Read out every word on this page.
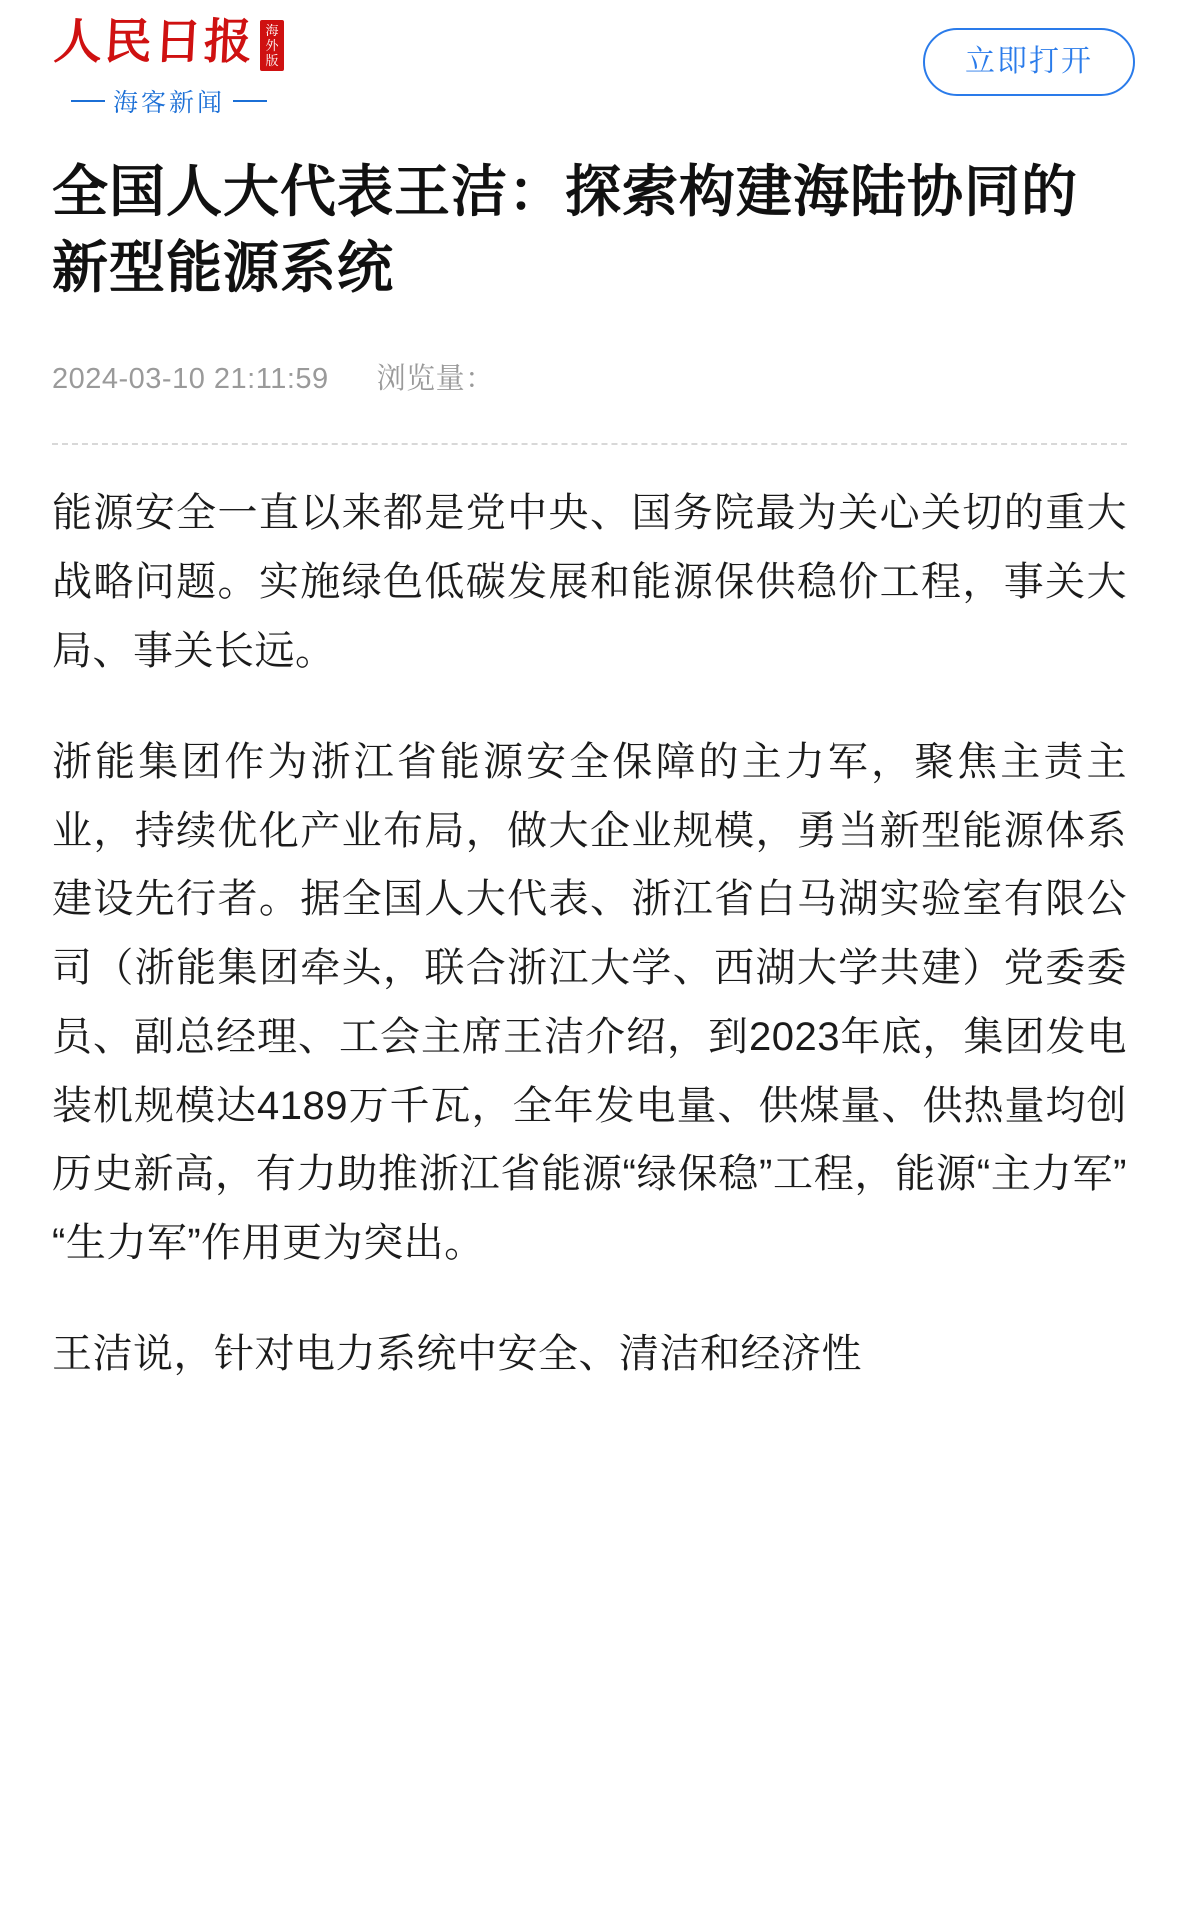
人民日报 海外版
海客新闻
立即打开
全国人大代表王洁：探索构建海陆协同的新型能源系统
2024-03-10 21:11:59 浏览量：

能源安全一直以来都是党中央、国务院最为关心关切的重大战略问题。实施绿色低碳发展和能源保供稳价工程，事关大局、事关长远。

浙能集团作为浙江省能源安全保障的主力军，聚焦主责主业，持续优化产业布局，做大企业规模，勇当新型能源体系建设先行者。据全国人大代表、浙江省白马湖实验室有限公司（浙能集团牵头，联合浙江大学、西湖大学共建）党委委员、副总经理、工会主席王洁介绍，到2023年底，集团发电装机规模达4189万千瓦，全年发电量、供煤量、供热量均创历史新高，有力助推浙江省能源“绿保稳”工程，能源“主力军”“生力军”作用更为突出。

王洁说，针对电力系统中安全、清洁和经济性
